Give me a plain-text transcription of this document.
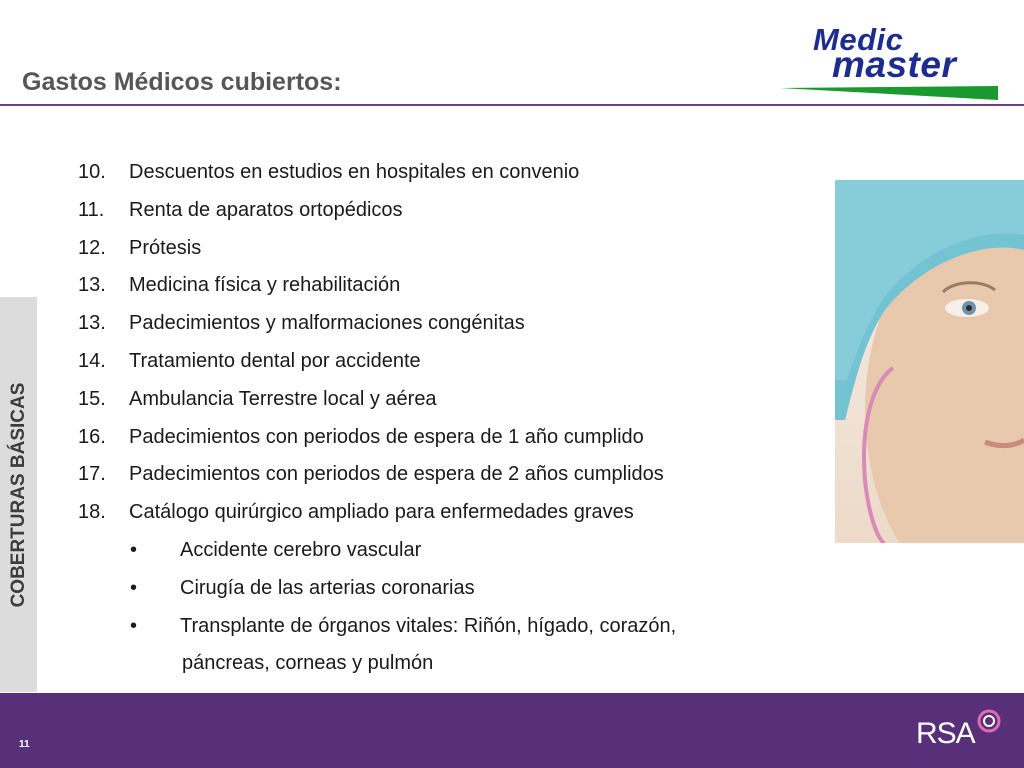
Gastos Médicos cubiertos:
Medic
master
COBERTURAS BÁSICAS
10. Descuentos en estudios en hospitales en convenio
11. Renta de aparatos ortopédicos
12. Prótesis
13. Medicina física y rehabilitación
13. Padecimientos y malformaciones congénitas
14. Tratamiento dental por accidente
15. Ambulancia Terrestre local y aérea
16. Padecimientos con periodos de espera de 1 año cumplido
17. Padecimientos con periodos de espera de 2 años cumplidos
18. Catálogo quirúrgico ampliado para enfermedades graves
• Accidente cerebro vascular
• Cirugía de las arterias coronarias
• Transplante de órganos vitales: Riñón, hígado, corazón,
páncreas, corneas y pulmón
11	RSA
